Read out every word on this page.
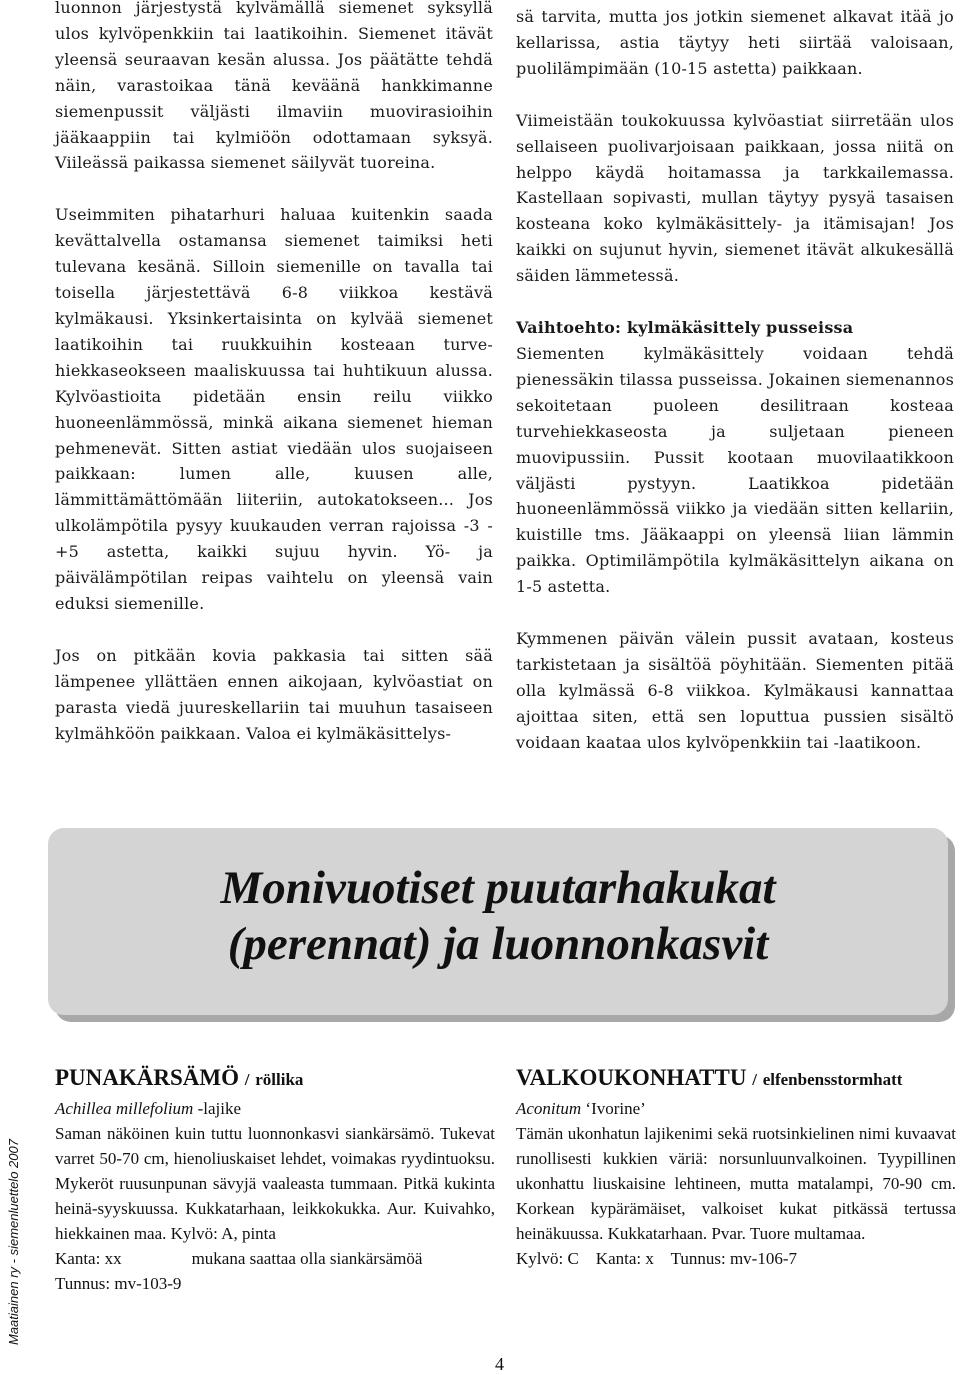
luonnon järjestystä kylvämällä siemenet syksyllä ulos kylvöpenkkiin tai laatikoihin. Siemenet itävät yleensä seuraavan kesän alussa. Jos päätätte tehdä näin, varastoikaa tänä keväänä hankkimanne siemenpussit väljästi ilmaviin muovirasioihin jääkaappiin tai kylmiöön odottamaan syksyä. Viileässä paikassa siemenet säilyvät tuoreina.

Useimmiten pihatarhuri haluaa kuitenkin saada kevättalvella ostamansa siemenet taimiksi heti tulevana kesänä. Silloin siemenille on tavalla tai toisella järjestettävä 6-8 viikkoa kestävä kylmäkausi. Yksinkertaisinta on kylvää siemenet laatikoihin tai ruukkuihin kosteaan turve-hiekkaseokseen maaliskuussa tai huhtikuun alussa. Kylvöastioita pidetään ensin reilu viikko huoneenlämmössä, minkä aikana siemenet hieman pehmenevät. Sitten astiat viedään ulos suojaiseen paikkaan: lumen alle, kuusen alle, lämmittämättömään liiteriin, autokatokseen... Jos ulkolämpötila pysyy kuukauden verran rajoissa -3 - +5 astetta, kaikki sujuu hyvin. Yö- ja päivälämpötilan reipas vaihtelu on yleensä vain eduksi siemenille.

Jos on pitkään kovia pakkasia tai sitten sää lämpenee yllättäen ennen aikojaan, kylvöastiat on parasta viedä juureskellariin tai muuhun tasaiseen kylmähköön paikkaan. Valoa ei kylmäkäsittelys-

sä tarvita, mutta jos jotkin siemenet alkavat itää jo kellarissa, astia täytyy heti siirtää valoisaan, puolilämpimään (10-15 astetta) paikkaan.

Viimeistään toukokuussa kylvöastiat siirretään ulos sellaiseen puolivarjoisaan paikkaan, jossa niitä on helppo käydä hoitamassa ja tarkkailemassa. Kastellaan sopivasti, mullan täytyy pysyä tasaisen kosteana koko kylmäkäsittely- ja itämisajan! Jos kaikki on sujunut hyvin, siemenet itävät alkukesällä säiden lämmetessä.

Vaihtoehto: kylmäkäsittely pusseissa
Siementen kylmäkäsittely voidaan tehdä pienessäkin tilassa pusseissa. Jokainen siemenannos sekoitetaan puoleen desilitraan kosteaa turvehiekkaseosta ja suljetaan pieneen muovipussiin. Pussit kootaan muovilaatikkoon väljästi pystyyn. Laatikkoa pidetään huoneenlämmössä viikko ja viedään sitten kellariin, kuistille tms. Jääkaappi on yleensä liian lämmin paikka. Optimilämpötila kylmäkäsittelyn aikana on 1-5 astetta.

Kymmenen päivän välein pussit avataan, kosteus tarkistetaan ja sisältöä pöyhitään. Siementen pitää olla kylmässä 6-8 viikkoa. Kylmäkausi kannattaa ajoittaa siten, että sen loputtua pussien sisältö voidaan kaataa ulos kylvöpenkkiin tai -laatikoon.

Monivuotiset puutarhakukat
(perennat) ja luonnonkasvit
PUNAKÄRSÄMÖ / röllika
Achillea millefolium -lajike

Saman näköinen kuin tuttu luonnonkasvi siankärsämö. Tukevat varret 50-70 cm, hienoliuskaiset lehdet, voimakas ryydintuoksu. Mykeröt ruusunpunan sävyjä vaaleasta tummaan. Pitkä kukinta heinä-syyskuussa. Kukkatarhaan, leikkokukka. Aur. Kuivahko, hiekkainen maa. Kylvö: A, pinta

Kanta: xx	mukana saattaa olla siankärsämöä
Tunnus: mv-103-9
VALKOUKONHATTU / elfenbensstormhatt
Aconitum ‘Ivorine’

Tämän ukonhatun lajikenimi sekä ruotsinkielinen nimi kuvaavat runollisesti kukkien väriä: norsunluunvalkoinen. Tyypillinen ukonhattu liuskaisine lehtineen, mutta matalampi, 70-90 cm. Korkean kypärämäiset, valkoiset kukat pitkässä tertussa heinäkuussa. Kukkatarhaan. Pvar. Tuore multamaa.

Kylvö: C    Kanta: x    Tunnus: mv-106-7
Maatiainen ry - siemenluettelo 2007
4
